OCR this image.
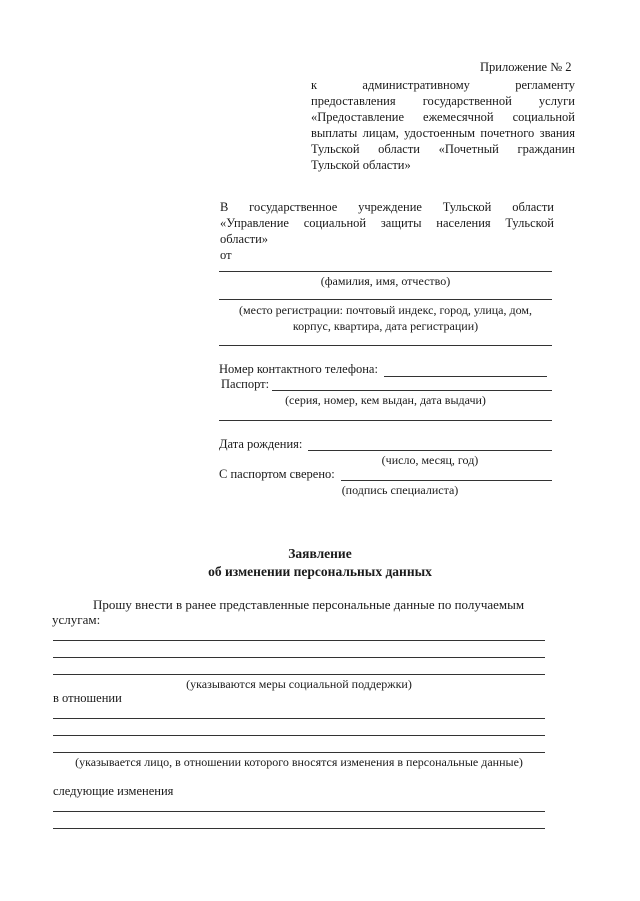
Приложение № 2
к административному регламенту
предоставления государственной услуги
«Предоставление ежемесячной социальной
выплаты лицам, удостоенным почетного звания
Тульской области «Почетный гражданин
Тульской области»
В государственное учреждение Тульской области
«Управление социальной защиты населения Тульской
области»
от
(фамилия, имя, отчество)
(место регистрации: почтовый индекс, город, улица, дом,
корпус, квартира, дата регистрации)
Номер контактного телефона:
Паспорт:
(серия, номер, кем выдан, дата выдачи)
Дата рождения:
(число, месяц, год)
С паспортом сверено:
(подпись специалиста)
Заявление
об изменении персональных данных
Прошу внести в ранее представленные персональные данные по получаемым
услугам:
(указываются меры социальной поддержки)
в отношении
(указывается лицо, в отношении которого вносятся изменения в персональные данные)
следующие изменения
